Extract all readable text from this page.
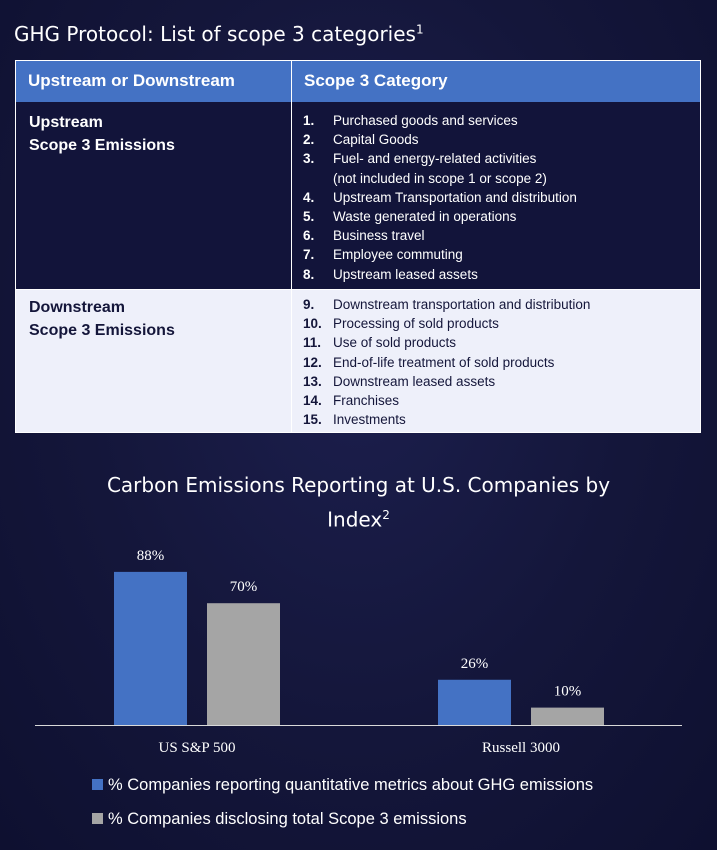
GHG Protocol: List of scope 3 categories$^1$
Upstream or Downstream	Scope 3 Category
Upstream
Scope 3 Emissions
1. Purchased goods and services
2. Capital Goods
3. Fuel- and energy-related activities
(not included in scope 1 or scope 2)
4. Upstream Transportation and distribution
5. Waste generated in operations
6. Business travel
7. Employee commuting
8. Upstream leased assets
Downstream
Scope 3 Emissions
9. Downstream transportation and distribution
10. Processing of sold products
11. Use of sold products
12. End-of-life treatment of sold products
13. Downstream leased assets
14. Franchises
15. Investments
Carbon Emissions Reporting at U.S. Companies by
Index$^2$
88%
70%
US S&P 500
26%
10%
Russell 3000
% Companies reporting quantitative metrics about GHG emissions
% Companies disclosing total Scope 3 emissions
